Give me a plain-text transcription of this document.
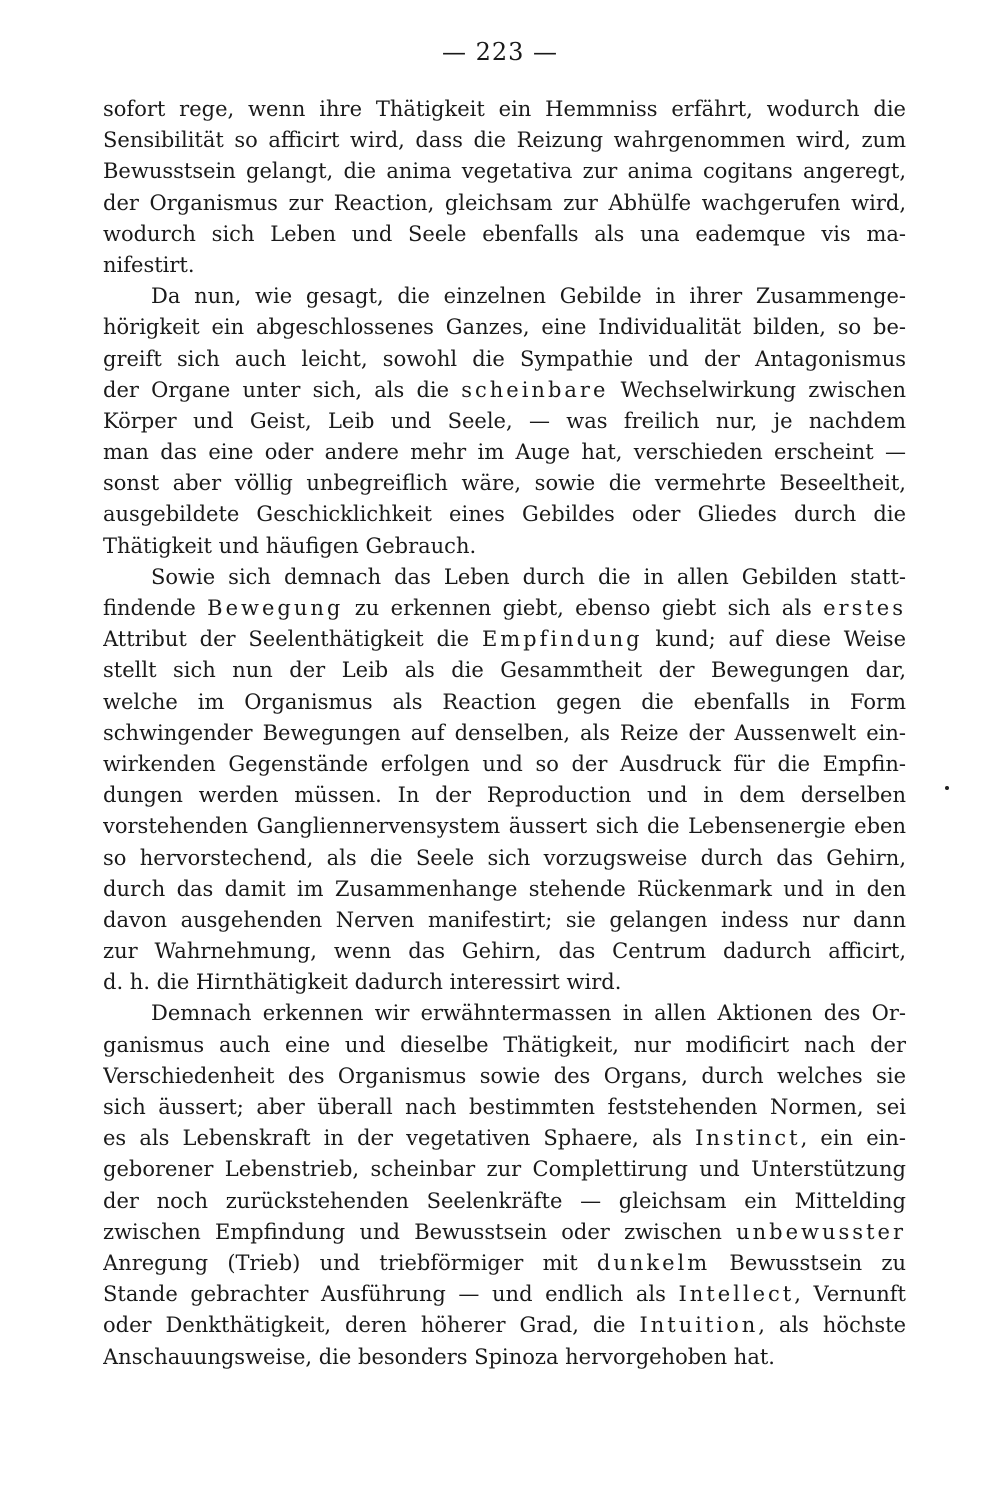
— 223 —
sofort rege, wenn ihre Thätigkeit ein Hemmniss erfährt, wodurch die
Sensibilität so afficirt wird, dass die Reizung wahrgenommen wird, zum
Bewusstsein gelangt, die anima vegetativa zur anima cogitans angeregt,
der Organismus zur Reaction, gleichsam zur Abhülfe wachgerufen wird,
wodurch sich Leben und Seele ebenfalls als una eademque vis ma-
nifestirt.
Da nun, wie gesagt, die einzelnen Gebilde in ihrer Zusammenge-
hörigkeit ein abgeschlossenes Ganzes, eine Individualität bilden, so be-
greift sich auch leicht, sowohl die Sympathie und der Antagonismus
der Organe unter sich, als die scheinbare Wechselwirkung zwischen
Körper und Geist, Leib und Seele, — was freilich nur, je nachdem
man das eine oder andere mehr im Auge hat, verschieden erscheint —
sonst aber völlig unbegreiflich wäre, sowie die vermehrte Beseeltheit,
ausgebildete Geschicklichkeit eines Gebildes oder Gliedes durch die
Thätigkeit und häufigen Gebrauch.
Sowie sich demnach das Leben durch die in allen Gebilden statt-
findende Bewegung zu erkennen giebt, ebenso giebt sich als erstes
Attribut der Seelenthätigkeit die Empfindung kund; auf diese Weise
stellt sich nun der Leib als die Gesammtheit der Bewegungen dar,
welche im Organismus als Reaction gegen die ebenfalls in Form
schwingender Bewegungen auf denselben, als Reize der Aussenwelt ein-
wirkenden Gegenstände erfolgen und so der Ausdruck für die Empfin-
dungen werden müssen. In der Reproduction und in dem derselben
vorstehenden Gangliennervensystem äussert sich die Lebensenergie eben
so hervorstechend, als die Seele sich vorzugsweise durch das Gehirn,
durch das damit im Zusammenhange stehende Rückenmark und in den
davon ausgehenden Nerven manifestirt; sie gelangen indess nur dann
zur Wahrnehmung, wenn das Gehirn, das Centrum dadurch afficirt,
d. h. die Hirnthätigkeit dadurch interessirt wird.
Demnach erkennen wir erwähntermassen in allen Aktionen des Or-
ganismus auch eine und dieselbe Thätigkeit, nur modificirt nach der
Verschiedenheit des Organismus sowie des Organs, durch welches sie
sich äussert; aber überall nach bestimmten feststehenden Normen, sei
es als Lebenskraft in der vegetativen Sphaere, als Instinct, ein ein-
geborener Lebenstrieb, scheinbar zur Complettirung und Unterstützung
der noch zurückstehenden Seelenkräfte — gleichsam ein Mittelding
zwischen Empfindung und Bewusstsein oder zwischen unbewusster
Anregung (Trieb) und triebförmiger mit dunkelm Bewusstsein zu
Stande gebrachter Ausführung — und endlich als Intellect, Vernunft
oder Denkthätigkeit, deren höherer Grad, die Intuition, als höchste
Anschauungsweise, die besonders Spinoza hervorgehoben hat.
